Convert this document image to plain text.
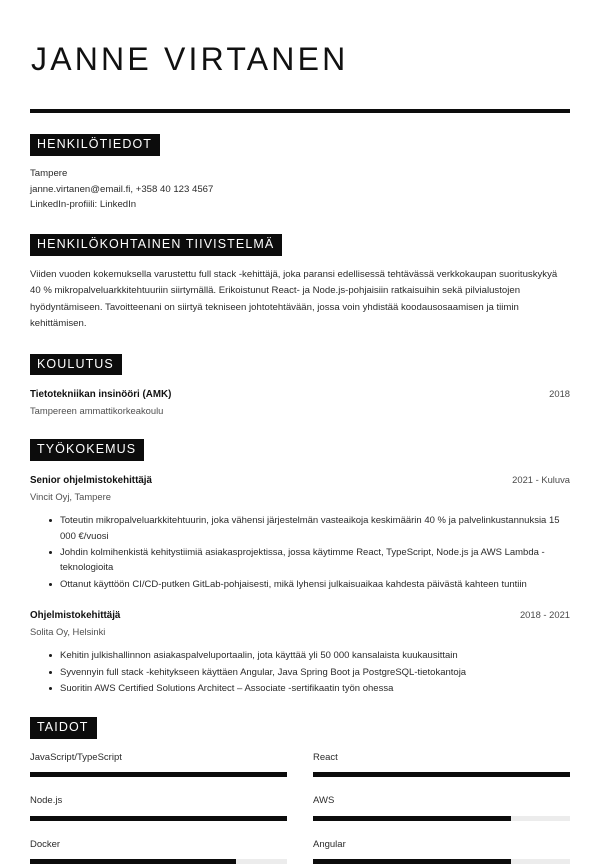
JANNE VIRTANEN
HENKILÖTIEDOT
Tampere
janne.virtanen@email.fi, +358 40 123 4567
LinkedIn-profiili: LinkedIn
HENKILÖKOHTAINEN TIIVISTELMÄ

Viiden vuoden kokemuksella varustettu full stack -kehittäjä, joka paransi edellisessä tehtävässä verkkokaupan suorituskykyä 40 % mikropalveluarkkitehtuuriin siirtymällä. Erikoistunut React- ja Node.js-pohjaisiin ratkaisuihin sekä pilvialustojen hyödyntämiseen. Tavoitteenani on siirtyä tekniseen johtotehtävään, jossa voin yhdistää koodausosaamisen ja tiimin kehittämisen.

KOULUTUS
Tietotekniikan insinööri (AMK)	2018
Tampereen ammattikorkeakoulu
TYÖKOKEMUS
Senior ohjelmistokehittäjä	2021 - Kuluva
Vincit Oyj, Tampere
Toteutin mikropalveluarkkitehtuurin, joka vähensi järjestelmän vasteaikoja keskimäärin 40 % ja palvelinkustannuksia 15 000 €/vuosi
Johdin kolmihenkistä kehitystiimiä asiakasprojektissa, jossa käytimme React, TypeScript, Node.js ja AWS Lambda -teknologioita
Ottanut käyttöön CI/CD-putken GitLab-pohjaisesti, mikä lyhensi julkaisuaikaa kahdesta päivästä kahteen tuntiin
Ohjelmistokehittäjä	2018 - 2021
Solita Oy, Helsinki
Kehitin julkishallinnon asiakaspalveluportaalin, jota käyttää yli 50 000 kansalaista kuukausittain
Syvennyin full stack -kehitykseen käyttäen Angular, Java Spring Boot ja PostgreSQL-tietokantoja
Suoritin AWS Certified Solutions Architect – Associate -sertifikaatin työn ohessa
TAIDOT
JavaScript/TypeScript	React
Node.js	AWS
Docker	Angular
